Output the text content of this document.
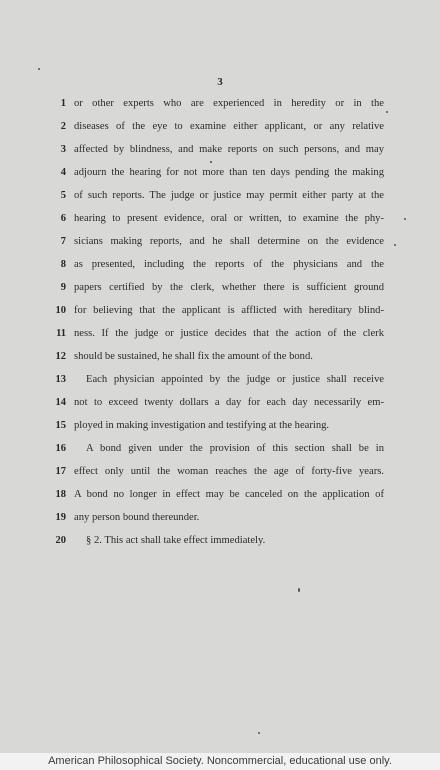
3
1 or other experts who are experienced in heredity or in the
2 diseases of the eye to examine either applicant, or any relative
3 affected by blindness, and make reports on such persons, and may
4 adjourn the hearing for not more than ten days pending the making
5 of such reports. The judge or justice may permit either party at the
6 hearing to present evidence, oral or written, to examine the phy-
7 sicians making reports, and he shall determine on the evidence
8 as presented, including the reports of the physicians and the
9 papers certified by the clerk, whether there is sufficient ground
10 for believing that the applicant is afflicted with hereditary blind-
11 ness. If the judge or justice decides that the action of the clerk
12 should be sustained, he shall fix the amount of the bond.
13 Each physician appointed by the judge or justice shall receive
14 not to exceed twenty dollars a day for each day necessarily em-
15 ployed in making investigation and testifying at the hearing.
16 A bond given under the provision of this section shall be in
17 effect only until the woman reaches the age of forty-five years.
18 A bond no longer in effect may be canceled on the application of
19 any person bound thereunder.
20 § 2. This act shall take effect immediately.
American Philosophical Society. Noncommercial, educational use only.
